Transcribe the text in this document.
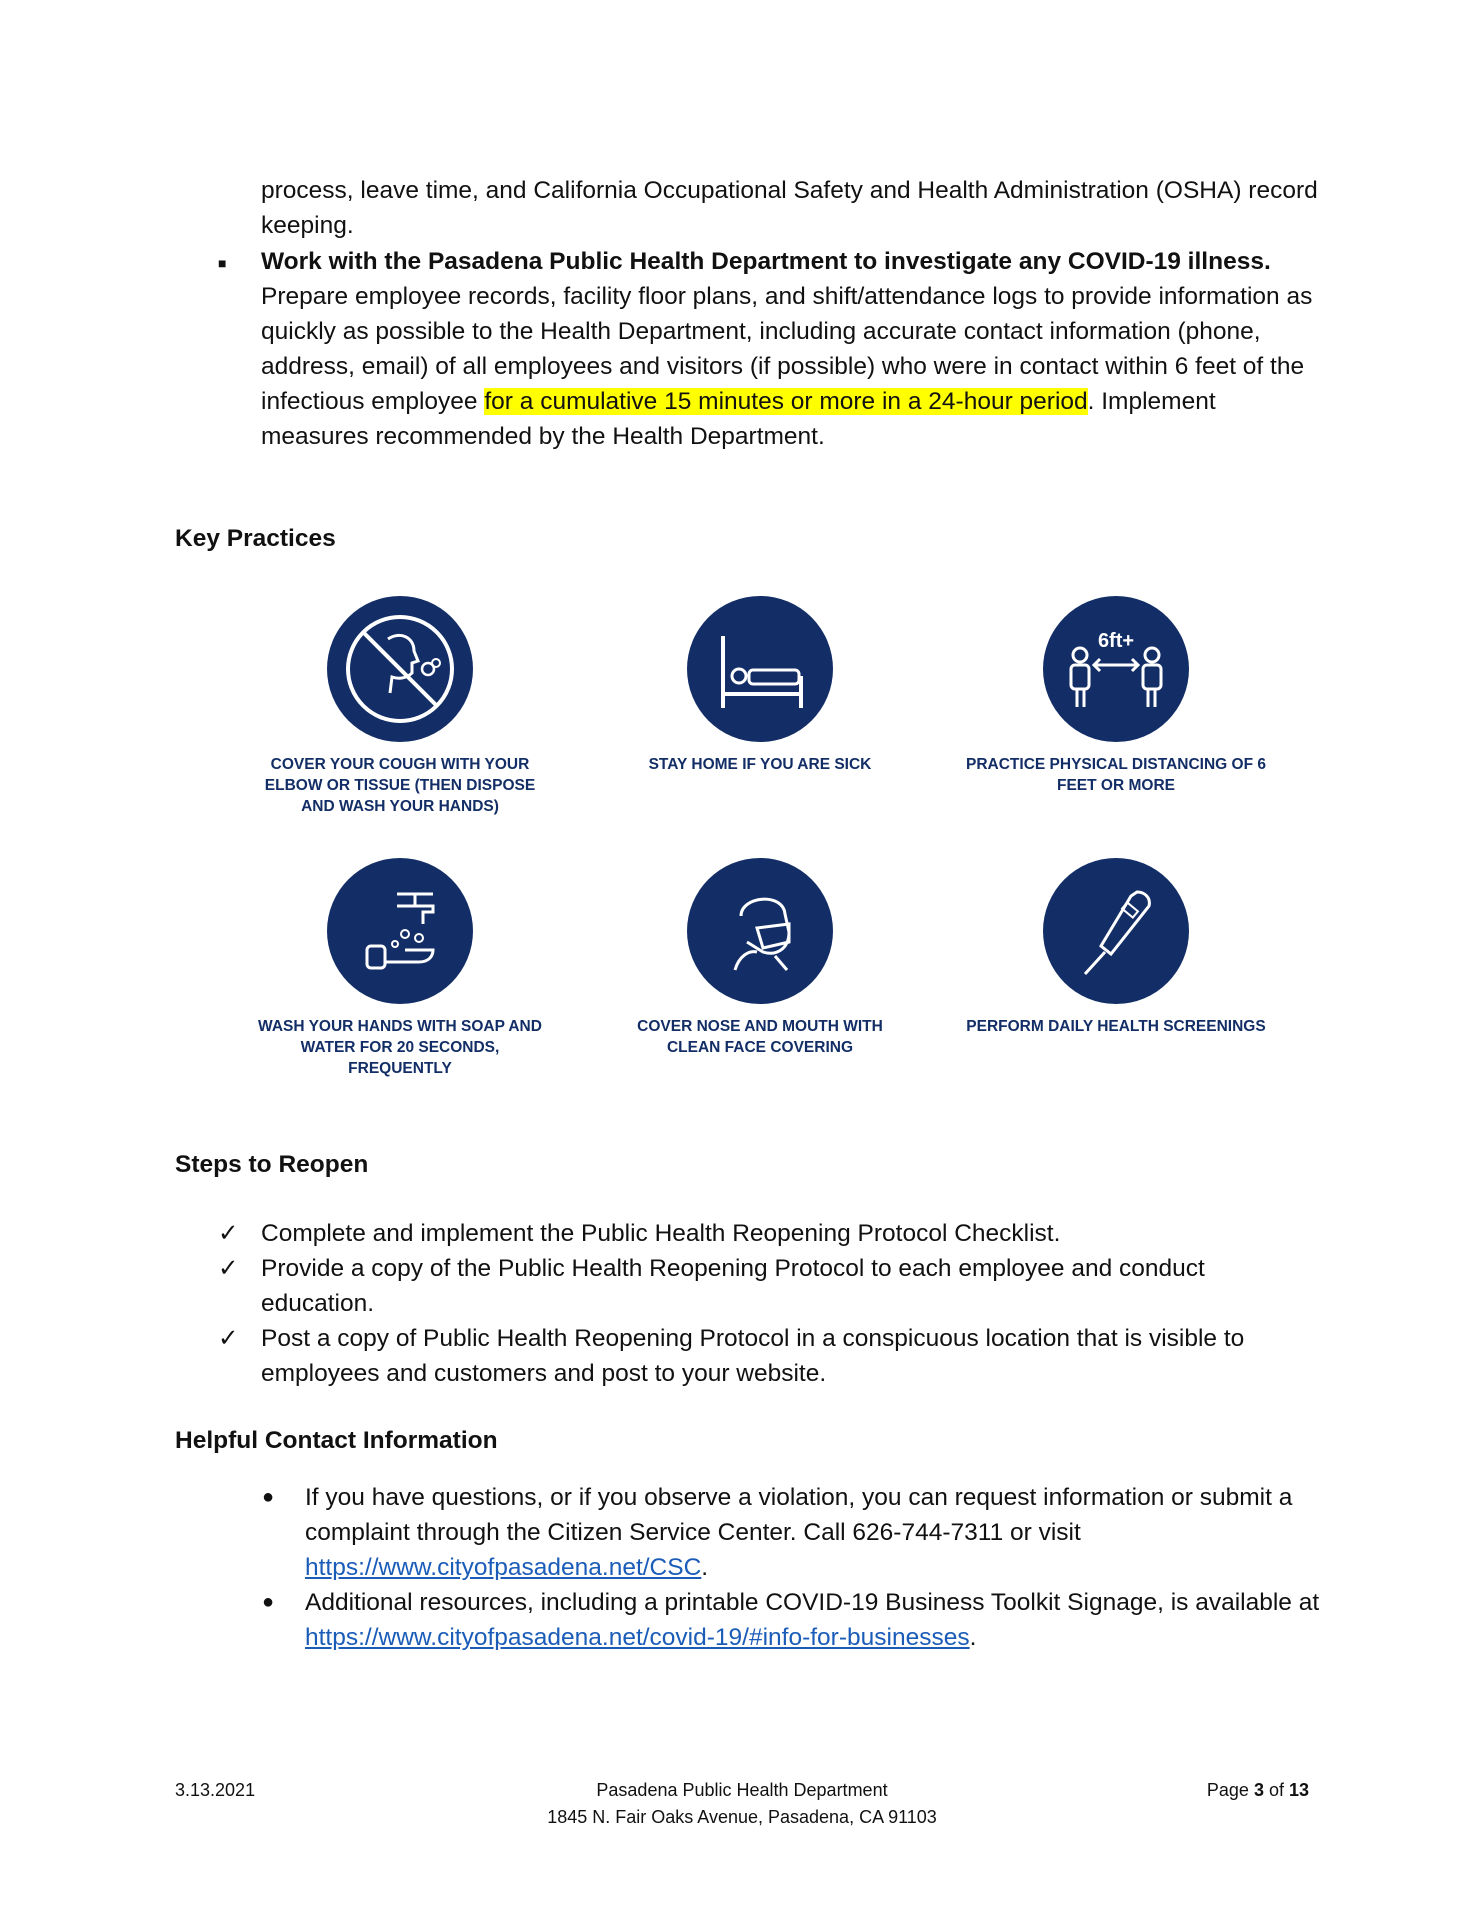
process, leave time, and California Occupational Safety and Health Administration (OSHA) record keeping.
■ Work with the Pasadena Public Health Department to investigate any COVID-19 illness.
Prepare employee records, facility floor plans, and shift/attendance logs to provide information as quickly as possible to the Health Department, including accurate contact information (phone, address, email) of all employees and visitors (if possible) who were in contact within 6 feet of the infectious employee for a cumulative 15 minutes or more in a 24-hour period. Implement measures recommended by the Health Department.
Key Practices
COVER YOUR COUGH WITH YOUR ELBOW OR TISSUE (THEN DISPOSE AND WASH YOUR HANDS)
STAY HOME IF YOU ARE SICK
6ft+
PRACTICE PHYSICAL DISTANCING OF 6 FEET OR MORE
WASH YOUR HANDS WITH SOAP AND WATER FOR 20 SECONDS, FREQUENTLY
COVER NOSE AND MOUTH WITH CLEAN FACE COVERING
PERFORM DAILY HEALTH SCREENINGS
Steps to Reopen
✓ Complete and implement the Public Health Reopening Protocol Checklist.
✓ Provide a copy of the Public Health Reopening Protocol to each employee and conduct education.
✓ Post a copy of Public Health Reopening Protocol in a conspicuous location that is visible to employees and customers and post to your website.
Helpful Contact Information
● If you have questions, or if you observe a violation, you can request information or submit a complaint through the Citizen Service Center. Call 626-744-7311 or visit https://www.cityofpasadena.net/CSC.
● Additional resources, including a printable COVID-19 Business Toolkit Signage, is available at https://www.cityofpasadena.net/covid-19/#info-for-businesses.
3.13.2021	Pasadena Public Health Department
1845 N. Fair Oaks Avenue, Pasadena, CA 91103
Page 3 of 13
